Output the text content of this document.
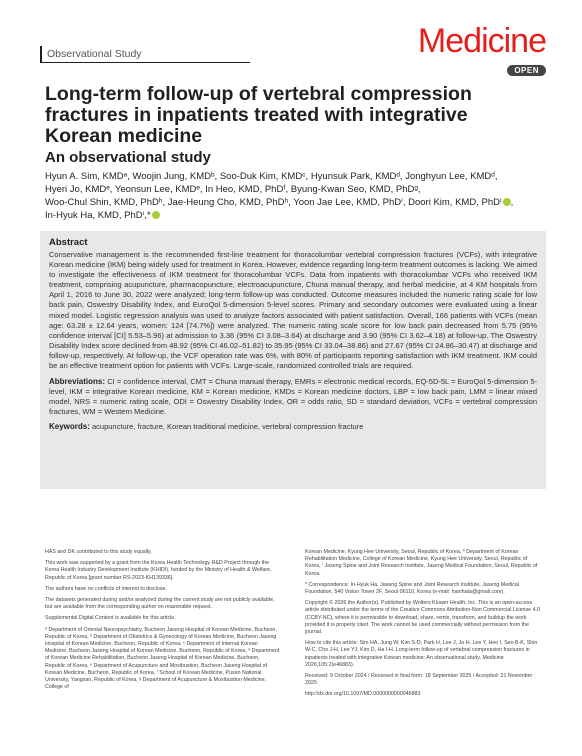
Observational Study	Medicine
OPEN
Long-term follow-up of vertebral compression fractures in inpatients treated with integrative Korean medicine
An observational study
Hyun A. Sim, KMDᵃ, Woojin Jung, KMDᵇ, Soo-Duk Kim, KMDᶜ, Hyunsuk Park, KMDᵈ, Jonghyun Lee, KMDᵈ,
Hyeri Jo, KMDᵉ, Yeonsun Lee, KMDᵉ, In Heo, KMD, PhDᶠ, Byung-Kwan Seo, KMD, PhDᵍ,
Woo-Chul Shin, KMD, PhDʰ, Jae-Heung Cho, KMD, PhDʰ, Yoon Jae Lee, KMD, PhDⁱ, Doori Kim, KMD, PhDⁱ ,
In-Hyuk Ha, KMD, PhDⁱ,*
Abstract

Conservative management is the recommended first-line treatment for thoracolumbar vertebral compression fractures (VCFs), with integrative Korean medicine (IKM) being widely used for treatment in Korea. However, evidence regarding long-term treatment outcomes is lacking. We aimed to investigate the effectiveness of IKM treatment for thoracolumbar VCFs. Data from inpatients with thoracolumbar VCFs who received IKM treatment, comprising acupuncture, pharmacopuncture, electroacupuncture, Chuna manual therapy, and herbal medicine, at 4 KM hospitals from April 1, 2016 to June 30, 2022 were analyzed; long-term follow-up was conducted. Outcome measures included the numeric rating scale for low back pain, Oswestry Disability Index, and EuroQol 5-dimension 5-level scores. Primary and secondary outcomes were evaluated using a linear mixed model. Logistic regression analysis was used to analyze factors associated with patient satisfaction. Overall, 166 patients with VCFs (mean age: 63.28 ± 12.64 years, women: 124 [74.7%]) were analyzed. The numeric rating scale score for low back pain decreased from 5.75 (95% confidence interval [CI] 5.53–5.96) at admission to 3.36 (95% CI 3.08–3.64) at discharge and 3.90 (95% CI 3.62–4.18) at follow-up. The Oswestry Disability Index score declined from 48.92 (95% CI 46.02–51.82) to 35.95 (95% CI 33.04–38.86) and 27.67 (95% CI 24.86–30.47) at discharge and follow-up, respectively. At follow-up, the VCF operation rate was 6%, with 80% of participants reporting satisfaction with IKM treatment. IKM could be an effective treatment option for patients with VCFs. Large-scale, randomized controlled trials are required.

Abbreviations: CI = confidence interval, CMT = Chuna manual therapy, EMRs = electronic medical records, EQ-5D-5L = EuroQol 5-dimension 5-level, IKM = integrative Korean medicine, KM = Korean medicine, KMDs = Korean medicine doctors, LBP = low back pain, LMM = linear mixed model, NRS = numeric rating scale, ODI = Oswestry Disability Index, OR = odds ratio, SD = standard deviation, VCFs = vertebral compression fractures, WM = Western Medicine.

Keywords: acupuncture, fracture, Korean traditional medicine, vertebral compression fracture

HAS and DK contributed to this study equally.

This work was supported by a grant from the Korea Health Technology R&D Project through the Korea Health Industry Development Institute (KHIDI), funded by the Ministry of Health & Welfare, Republic of Korea [grant number RS-2023-KH139336].

The authors have no conflicts of interest to disclose.

The datasets generated during and/or analyzed during the current study are not publicly available, but are available from the corresponding author on reasonable request.

Supplemental Digital Content is available for this article.

ᵃ Department of Oriental Neuropsychiatry, Bucheon Jaseng Hospital of Korean Medicine, Bucheon, Republic of Korea, ᵇ Department of Obstetrics & Gynecology of Korean Medicine, Bucheon Jaseng Hospital of Korean Medicine, Bucheon, Republic of Korea, ᶜ Department of Internal Korean Medicine, Bucheon Jaseng Hospital of Korean Medicine, Bucheon, Republic of Korea, ᵈ Department of Korean Medicine Rehabilitation, Bucheon Jaseng Hospital of Korean Medicine, Bucheon, Republic of Korea, ᵉ Department of Acupuncture and Moxibustion, Bucheon Jaseng Hospital of Korean Medicine, Bucheon, Republic of Korea, ᶠ School of Korean Medicine, Pusan National University, Yangsan, Republic of Korea, ᵍ Department of Acupuncture & Moxibustion Medicine, College of

Korean Medicine, Kyung Hee University, Seoul, Republic of Korea, ʰ Department of Korean Rehabilitation Medicine, College of Korean Medicine, Kyung Hee University, Seoul, Republic of Korea, ⁱ Jaseng Spine and Joint Research Institute, Jaseng Medical Foundation, Seoul, Republic of Korea.

* Correspondence: In-Hyuk Ha, Jaseng Spine and Joint Research Institute, Jaseng Medical Foundation, 540 Vision Tower 2F, Seoul 06110, Korea (e-mail: hanihata@gmail.com).

Copyright © 2026 the Author(s). Published by Wolters Kluwer Health, Inc. This is an open-access article distributed under the terms of the Creative Commons Attribution-Non Commercial License 4.0 (CCBY-NC), where it is permissible to download, share, remix, transform, and buildup the work provided it is properly cited. The work cannot be used commercially without permission from the journal.

How to cite this article: Sim HA, Jung W, Kim S-D, Park H, Lee J, Jo H, Lee Y, Heo I, Seo B-K, Shin W-C, Cho J-H, Lee YJ, Kim D, Ha I-H. Long-term follow-up of vertebral compression fractures in inpatients treated with integrative Korean medicine: An observational study. Medicine 2026;105:2(e46883).

Received: 9 October 2024 / Received in final form: 18 September 2025 / Accepted: 21 November 2025

http://dx.doi.org/10.1097/MD.0000000000046883
